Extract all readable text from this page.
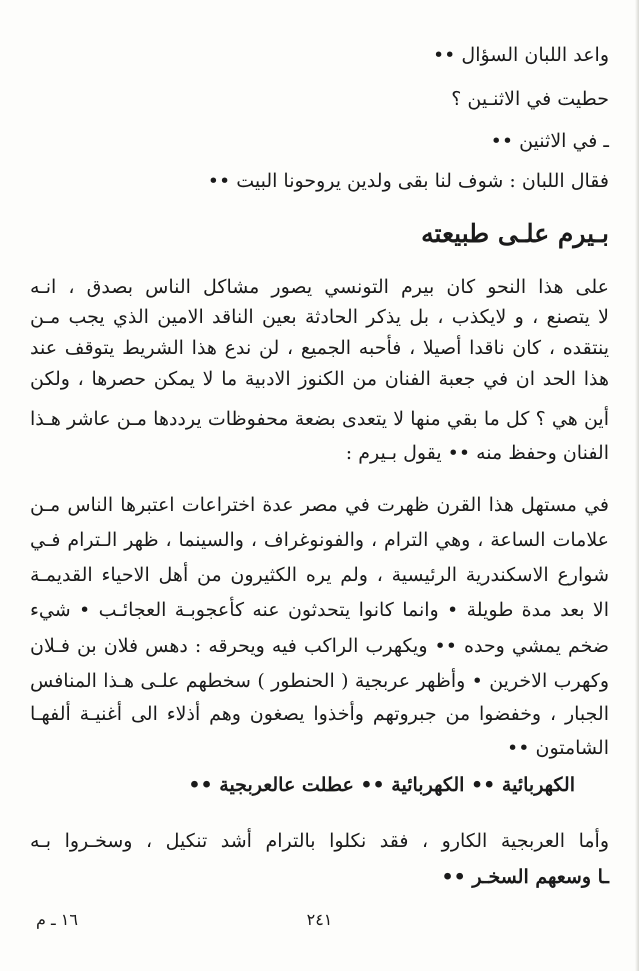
واعد اللبان السؤال ••
حطيت في الاثنـين ؟
ـ في الاثنين ••
فقال اللبان : شوف لنا بقى ولدين يروحونا البيت ••
بـيرم علـى طبيعته
على هذا النحو كان بيرم التونسي يصور مشاكل الناس بصدق ، انـه
لا يتصنع ، و لايكذب ، بل يذكر الحادثة بعين الناقد الامين الذي يجب مـن
ينتقده ، كان ناقدا أصيلا ، فأحبه الجميع ، لن ندع هذا الشريط يتوقف عند
هذا الحد ان في جعبة الفنان من الكنوز الادبية ما لا يمكن حصرها ، ولكن
أين هي ؟ كل ما بقي منها لا يتعدى بضعة محفوظات يرددها مـن عاشر هـذا
الفنان وحفظ منه •• يقول بـيرم :
في مستهل هذا القرن ظهرت في مصر عدة اختراعات اعتبرها الناس مـن
علامات الساعة ، وهي الترام ، والفونوغراف ، والسينما ، ظهر الـترام فـي
شوارع الاسكندرية الرئيسية ، ولم يره الكثيرون من أهل الاحياء القديمـة
الا بعد مدة طويلة • وانما كانوا يتحدثون عنه كأعجوبـة العجائـب • شيء
ضخم يمشي وحده •• ويكهرب الراكب فيه ويحرقه : دهس فلان بن فـلان
وكهرب الاخرين • وأظهر عربجية ( الحنطور ) سخطهم علـى هـذا المنافس
الجبار ، وخفضوا من جبروتهم وأخذوا يصغون وهم أذلاء الى أغنيـة ألفهـا
الشامتون ••
الكهربائية •• الكهربائية •• عطلت عالعربجية ••
وأما العربجية الكارو ، فقد نكلوا بالترام أشد تنكيل ، وسخـروا بـه
ـا وسعهم السخـر ••
٢٤١
١٦ ـ م
